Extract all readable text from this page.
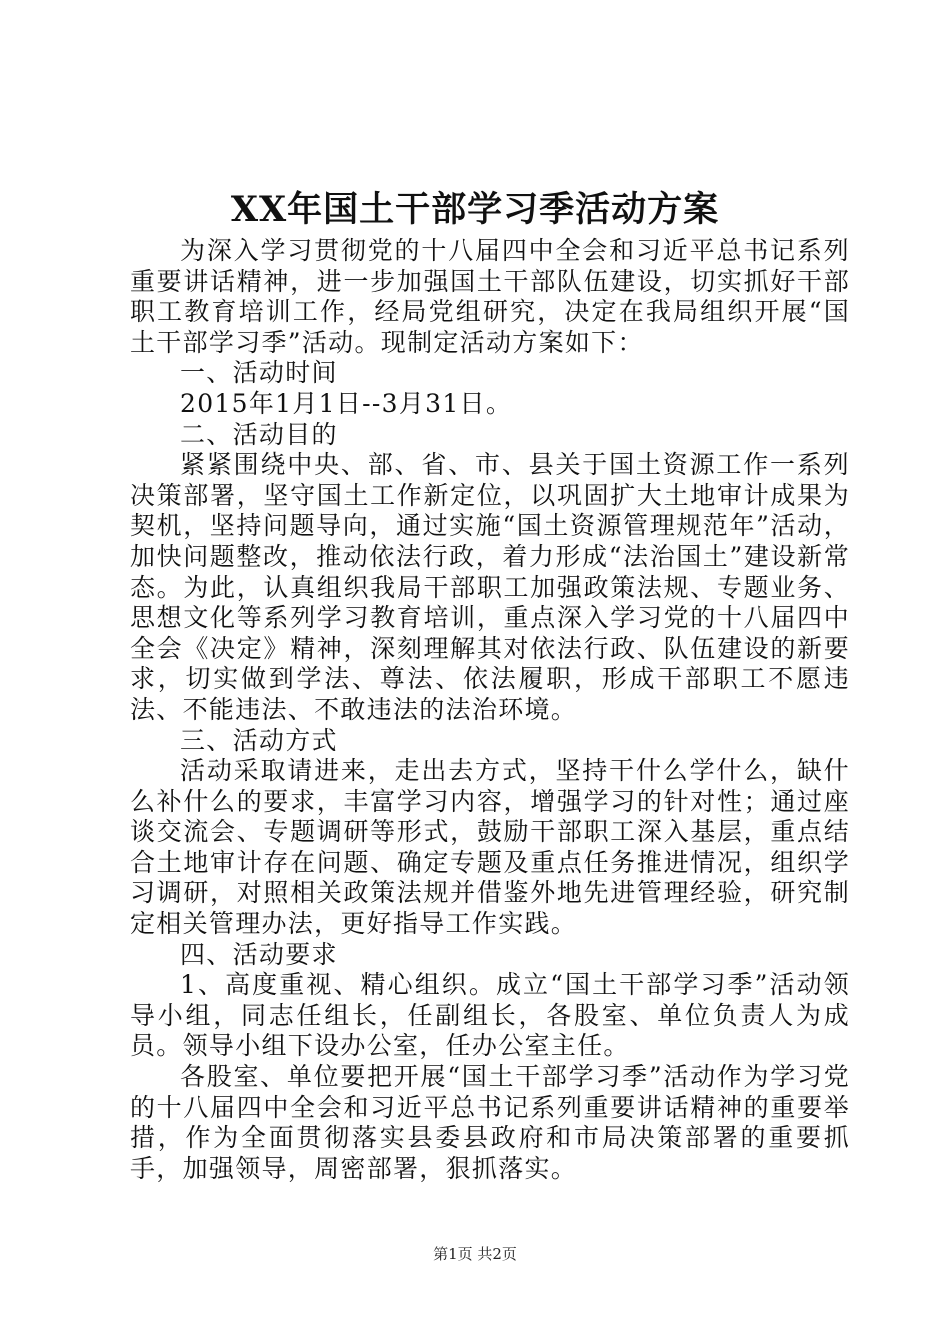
XX年国土干部学习季活动方案

为深入学习贯彻党的十八届四中全会和习近平总书记系列重要讲话精神，进一步加强国土干部队伍建设，切实抓好干部职工教育培训工作，经局党组研究，决定在我局组织开展“国土干部学习季”活动。现制定活动方案如下：

一、活动时间

2015年1月1日--3月31日。

二、活动目的

紧紧围绕中央、部、省、市、县关于国土资源工作一系列决策部署，坚守国土工作新定位，以巩固扩大土地审计成果为契机，坚持问题导向，通过实施“国土资源管理规范年”活动，加快问题整改，推动依法行政，着力形成“法治国土”建设新常态。为此，认真组织我局干部职工加强政策法规、专题业务、思想文化等系列学习教育培训，重点深入学习党的十八届四中全会《决定》精神，深刻理解其对依法行政、队伍建设的新要求，切实做到学法、尊法、依法履职，形成干部职工不愿违法、不能违法、不敢违法的法治环境。

三、活动方式

活动采取请进来，走出去方式，坚持干什么学什么，缺什么补什么的要求，丰富学习内容，增强学习的针对性；通过座谈交流会、专题调研等形式，鼓励干部职工深入基层，重点结合土地审计存在问题、确定专题及重点任务推进情况，组织学习调研，对照相关政策法规并借鉴外地先进管理经验，研究制定相关管理办法，更好指导工作实践。

四、活动要求

1、高度重视、精心组织。成立“国土干部学习季”活动领导小组，同志任组长，任副组长，各股室、单位负责人为成员。领导小组下设办公室，任办公室主任。

各股室、单位要把开展“国土干部学习季”活动作为学习党的十八届四中全会和习近平总书记系列重要讲话精神的重要举措，作为全面贯彻落实县委县政府和市局决策部署的重要抓手，加强领导，周密部署，狠抓落实。

第1页 共2页
